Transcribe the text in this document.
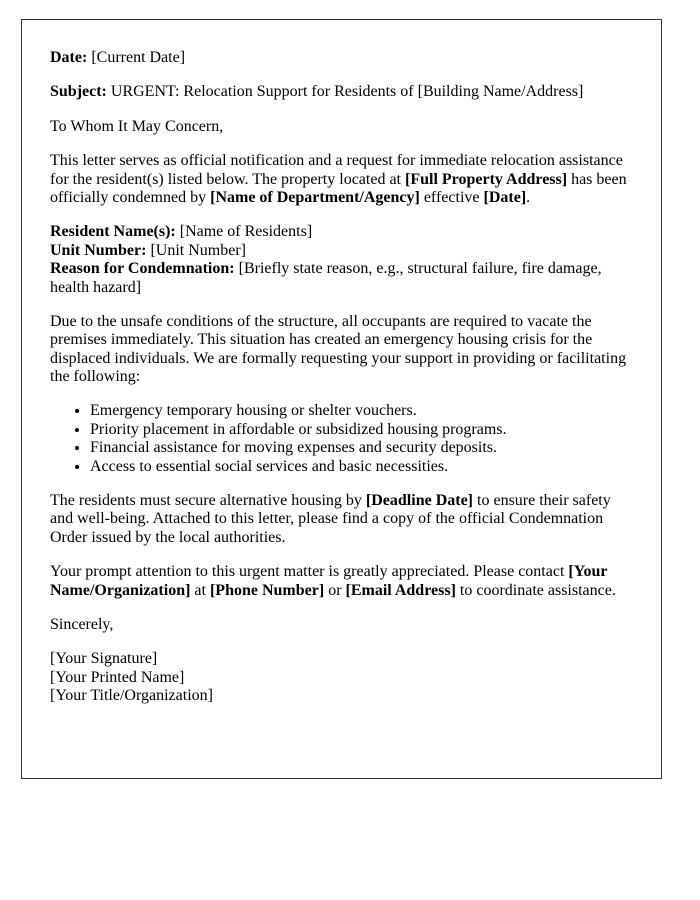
Date: [Current Date]

Subject: URGENT: Relocation Support for Residents of [Building Name/Address]

To Whom It May Concern,

This letter serves as official notification and a request for immediate relocation assistance for the resident(s) listed below. The property located at [Full Property Address] has been officially condemned by [Name of Department/Agency] effective [Date].

Resident Name(s): [Name of Residents]
Unit Number: [Unit Number]
Reason for Condemnation: [Briefly state reason, e.g., structural failure, fire damage, health hazard]

Due to the unsafe conditions of the structure, all occupants are required to vacate the premises immediately. This situation has created an emergency housing crisis for the displaced individuals. We are formally requesting your support in providing or facilitating the following:

• Emergency temporary housing or shelter vouchers.
• Priority placement in affordable or subsidized housing programs.
• Financial assistance for moving expenses and security deposits.
• Access to essential social services and basic necessities.

The residents must secure alternative housing by [Deadline Date] to ensure their safety and well-being. Attached to this letter, please find a copy of the official Condemnation Order issued by the local authorities.

Your prompt attention to this urgent matter is greatly appreciated. Please contact [Your Name/Organization] at [Phone Number] or [Email Address] to coordinate assistance.

Sincerely,

[Your Signature]
[Your Printed Name]
[Your Title/Organization]
